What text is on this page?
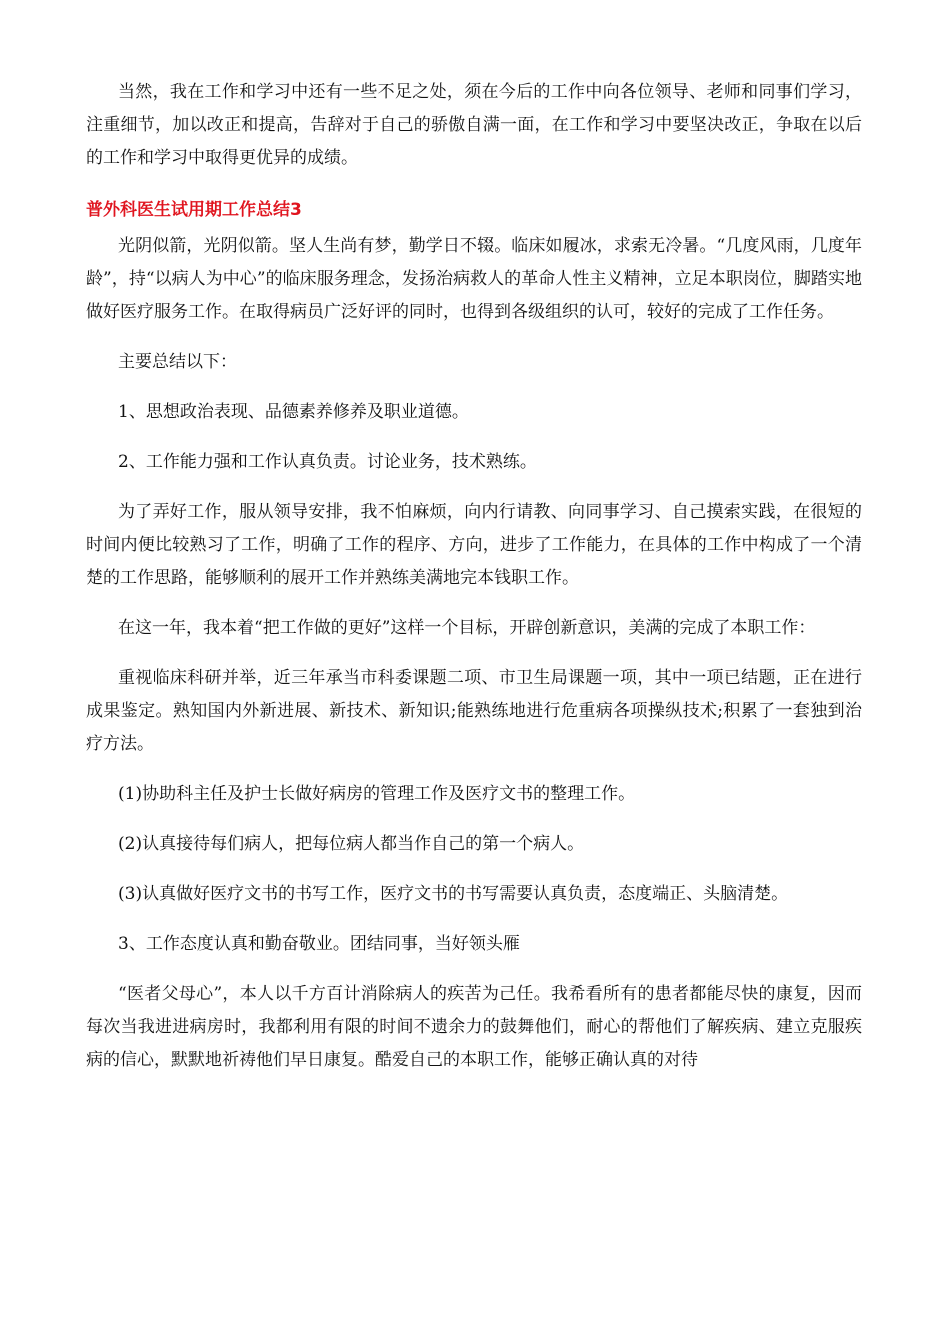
当然，我在工作和学习中还有一些不足之处，须在今后的工作中向各位领导、老师和同事们学习，注重细节，加以改正和提高，告辞对于自己的骄傲自满一面，在工作和学习中要坚决改正，争取在以后的工作和学习中取得更优异的成绩。

普外科医生试用期工作总结3

光阴似箭，光阴似箭。坚人生尚有梦，勤学日不辍。临床如履冰，求索无冷暑。“几度风雨，几度年龄”，持“以病人为中心”的临床服务理念，发扬治病救人的革命人性主义精神，立足本职岗位，脚踏实地做好医疗服务工作。在取得病员广泛好评的同时，也得到各级组织的认可，较好的完成了工作任务。

主要总结以下：

1、思想政治表现、品德素养修养及职业道德。

2、工作能力强和工作认真负责。讨论业务，技术熟练。

为了弄好工作，服从领导安排，我不怕麻烦，向内行请教、向同事学习、自己摸索实践，在很短的时间内便比较熟习了工作，明确了工作的程序、方向，进步了工作能力，在具体的工作中构成了一个清楚的工作思路，能够顺利的展开工作并熟练美满地完本钱职工作。

在这一年，我本着“把工作做的更好”这样一个目标，开辟创新意识，美满的完成了本职工作：

重视临床科研并举，近三年承当市科委课题二项、市卫生局课题一项，其中一项已结题，正在进行成果鉴定。熟知国内外新进展、新技术、新知识;能熟练地进行危重病各项操纵技术;积累了一套独到治疗方法。

(1)协助科主任及护士长做好病房的管理工作及医疗文书的整理工作。

(2)认真接待每们病人，把每位病人都当作自己的第一个病人。

(3)认真做好医疗文书的书写工作，医疗文书的书写需要认真负责，态度端正、头脑清楚。

3、工作态度认真和勤奋敬业。团结同事，当好领头雁

“医者父母心”，本人以千方百计消除病人的疾苦为己任。我希看所有的患者都能尽快的康复，因而每次当我进进病房时，我都利用有限的时间不遗余力的鼓舞他们，耐心的帮他们了解疾病、建立克服疾病的信心，默默地祈祷他们早日康复。酷爱自己的本职工作，能够正确认真的对待
